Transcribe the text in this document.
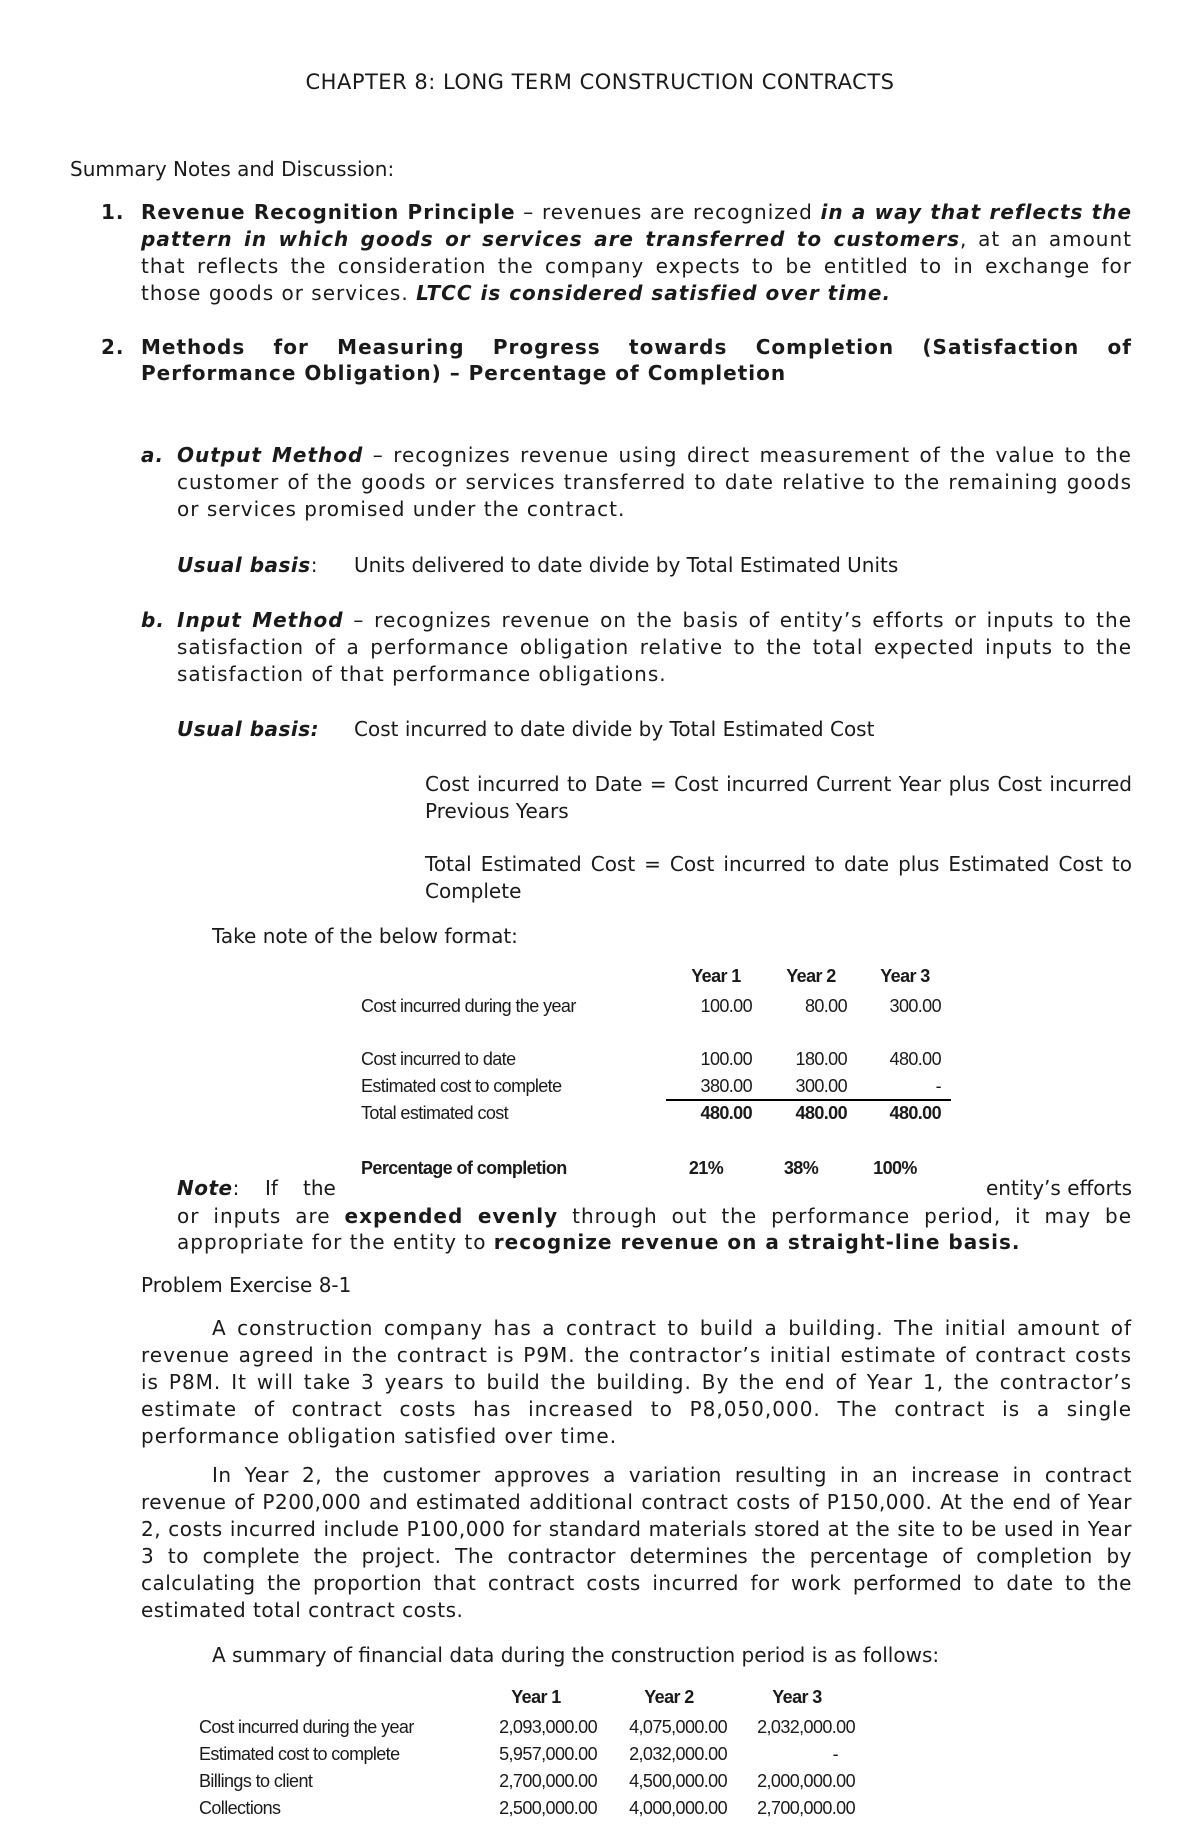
CHAPTER 8: LONG TERM CONSTRUCTION CONTRACTS
Summary Notes and Discussion:
1. Revenue Recognition Principle – revenues are recognized in a way that reflects the pattern in which goods or services are transferred to customers, at an amount that reflects the consideration the company expects to be entitled to in exchange for those goods or services. LTCC is considered satisfied over time.
2. Methods for Measuring Progress towards Completion (Satisfaction of
Performance Obligation) – Percentage of Completion
a. Output Method – recognizes revenue using direct measurement of the value to the customer of the goods or services transferred to date relative to the remaining goods or services promised under the contract.
Usual basis: Units delivered to date divide by Total Estimated Units
b. Input Method – recognizes revenue on the basis of entity’s efforts or inputs to the satisfaction of a performance obligation relative to the total expected inputs to the satisfaction of that performance obligations.
Usual basis: Cost incurred to date divide by Total Estimated Cost
Cost incurred to Date = Cost incurred Current Year plus Cost incurred Previous Years
Total Estimated Cost = Cost incurred to date plus Estimated Cost to Complete
Take note of the below format:
Year 1	Year 2	Year 3
Cost incurred during the year	100.00	80.00	300.00
Cost incurred to date	100.00	180.00	480.00
Estimated cost to complete	380.00	300.00	-
Total estimated cost	480.00	480.00	480.00
Percentage of completion	21%	38%	100%
Note: If the	entity’s efforts
or inputs are expended evenly through out the performance period, it may be
appropriate for the entity to recognize revenue on a straight-line basis.
Problem Exercise 8-1
A construction company has a contract to build a building. The initial amount of revenue agreed in the contract is P9M. the contractor’s initial estimate of contract costs is P8M. It will take 3 years to build the building. By the end of Year 1, the contractor’s estimate of contract costs has increased to P8,050,000. The contract is a single performance obligation satisfied over time.
In Year 2, the customer approves a variation resulting in an increase in contract revenue of P200,000 and estimated additional contract costs of P150,000. At the end of Year 2, costs incurred include P100,000 for standard materials stored at the site to be used in Year 3 to complete the project. The contractor determines the percentage of completion by calculating the proportion that contract costs incurred for work performed to date to the estimated total contract costs.
A summary of financial data during the construction period is as follows:
Year 1	Year 2	Year 3
Cost incurred during the year	2,093,000.00	4,075,000.00	2,032,000.00
Estimated cost to complete	5,957,000.00	2,032,000.00	-
Billings to client	2,700,000.00	4,500,000.00	2,000,000.00
Collections	2,500,000.00	4,000,000.00	2,700,000.00
